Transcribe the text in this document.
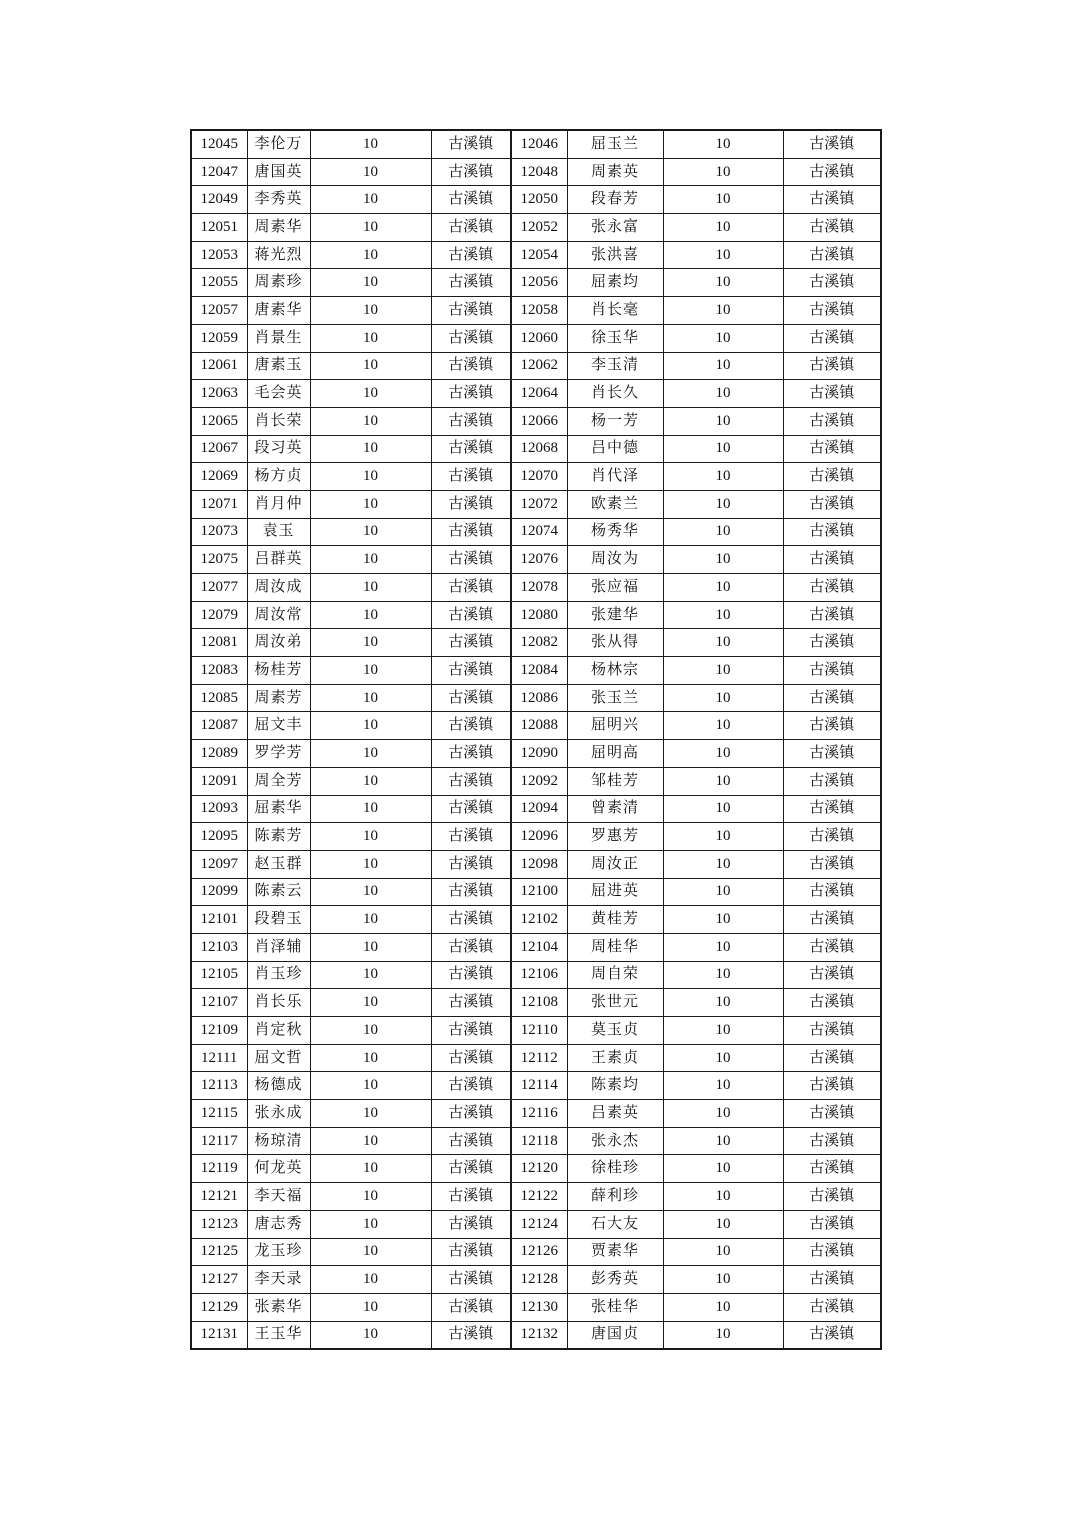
12045	李伦万	10	古溪镇	12046	屈玉兰	10	古溪镇
12047	唐国英	10	古溪镇	12048	周素英	10	古溪镇
12049	李秀英	10	古溪镇	12050	段春芳	10	古溪镇
12051	周素华	10	古溪镇	12052	张永富	10	古溪镇
12053	蒋光烈	10	古溪镇	12054	张洪喜	10	古溪镇
12055	周素珍	10	古溪镇	12056	屈素均	10	古溪镇
12057	唐素华	10	古溪镇	12058	肖长毫	10	古溪镇
12059	肖景生	10	古溪镇	12060	徐玉华	10	古溪镇
12061	唐素玉	10	古溪镇	12062	李玉清	10	古溪镇
12063	毛会英	10	古溪镇	12064	肖长久	10	古溪镇
12065	肖长荣	10	古溪镇	12066	杨一芳	10	古溪镇
12067	段习英	10	古溪镇	12068	吕中德	10	古溪镇
12069	杨方贞	10	古溪镇	12070	肖代泽	10	古溪镇
12071	肖月仲	10	古溪镇	12072	欧素兰	10	古溪镇
12073	袁玉	10	古溪镇	12074	杨秀华	10	古溪镇
12075	吕群英	10	古溪镇	12076	周汝为	10	古溪镇
12077	周汝成	10	古溪镇	12078	张应福	10	古溪镇
12079	周汝常	10	古溪镇	12080	张建华	10	古溪镇
12081	周汝弟	10	古溪镇	12082	张从得	10	古溪镇
12083	杨桂芳	10	古溪镇	12084	杨林宗	10	古溪镇
12085	周素芳	10	古溪镇	12086	张玉兰	10	古溪镇
12087	屈文丰	10	古溪镇	12088	屈明兴	10	古溪镇
12089	罗学芳	10	古溪镇	12090	屈明高	10	古溪镇
12091	周全芳	10	古溪镇	12092	邹桂芳	10	古溪镇
12093	屈素华	10	古溪镇	12094	曾素清	10	古溪镇
12095	陈素芳	10	古溪镇	12096	罗惠芳	10	古溪镇
12097	赵玉群	10	古溪镇	12098	周汝正	10	古溪镇
12099	陈素云	10	古溪镇	12100	屈进英	10	古溪镇
12101	段碧玉	10	古溪镇	12102	黄桂芳	10	古溪镇
12103	肖泽辅	10	古溪镇	12104	周桂华	10	古溪镇
12105	肖玉珍	10	古溪镇	12106	周自荣	10	古溪镇
12107	肖长乐	10	古溪镇	12108	张世元	10	古溪镇
12109	肖定秋	10	古溪镇	12110	莫玉贞	10	古溪镇
12111	屈文哲	10	古溪镇	12112	王素贞	10	古溪镇
12113	杨德成	10	古溪镇	12114	陈素均	10	古溪镇
12115	张永成	10	古溪镇	12116	吕素英	10	古溪镇
12117	杨琼清	10	古溪镇	12118	张永杰	10	古溪镇
12119	何龙英	10	古溪镇	12120	徐桂珍	10	古溪镇
12121	李天福	10	古溪镇	12122	薛利珍	10	古溪镇
12123	唐志秀	10	古溪镇	12124	石大友	10	古溪镇
12125	龙玉珍	10	古溪镇	12126	贾素华	10	古溪镇
12127	李天录	10	古溪镇	12128	彭秀英	10	古溪镇
12129	张素华	10	古溪镇	12130	张桂华	10	古溪镇
12131	王玉华	10	古溪镇	12132	唐国贞	10	古溪镇
